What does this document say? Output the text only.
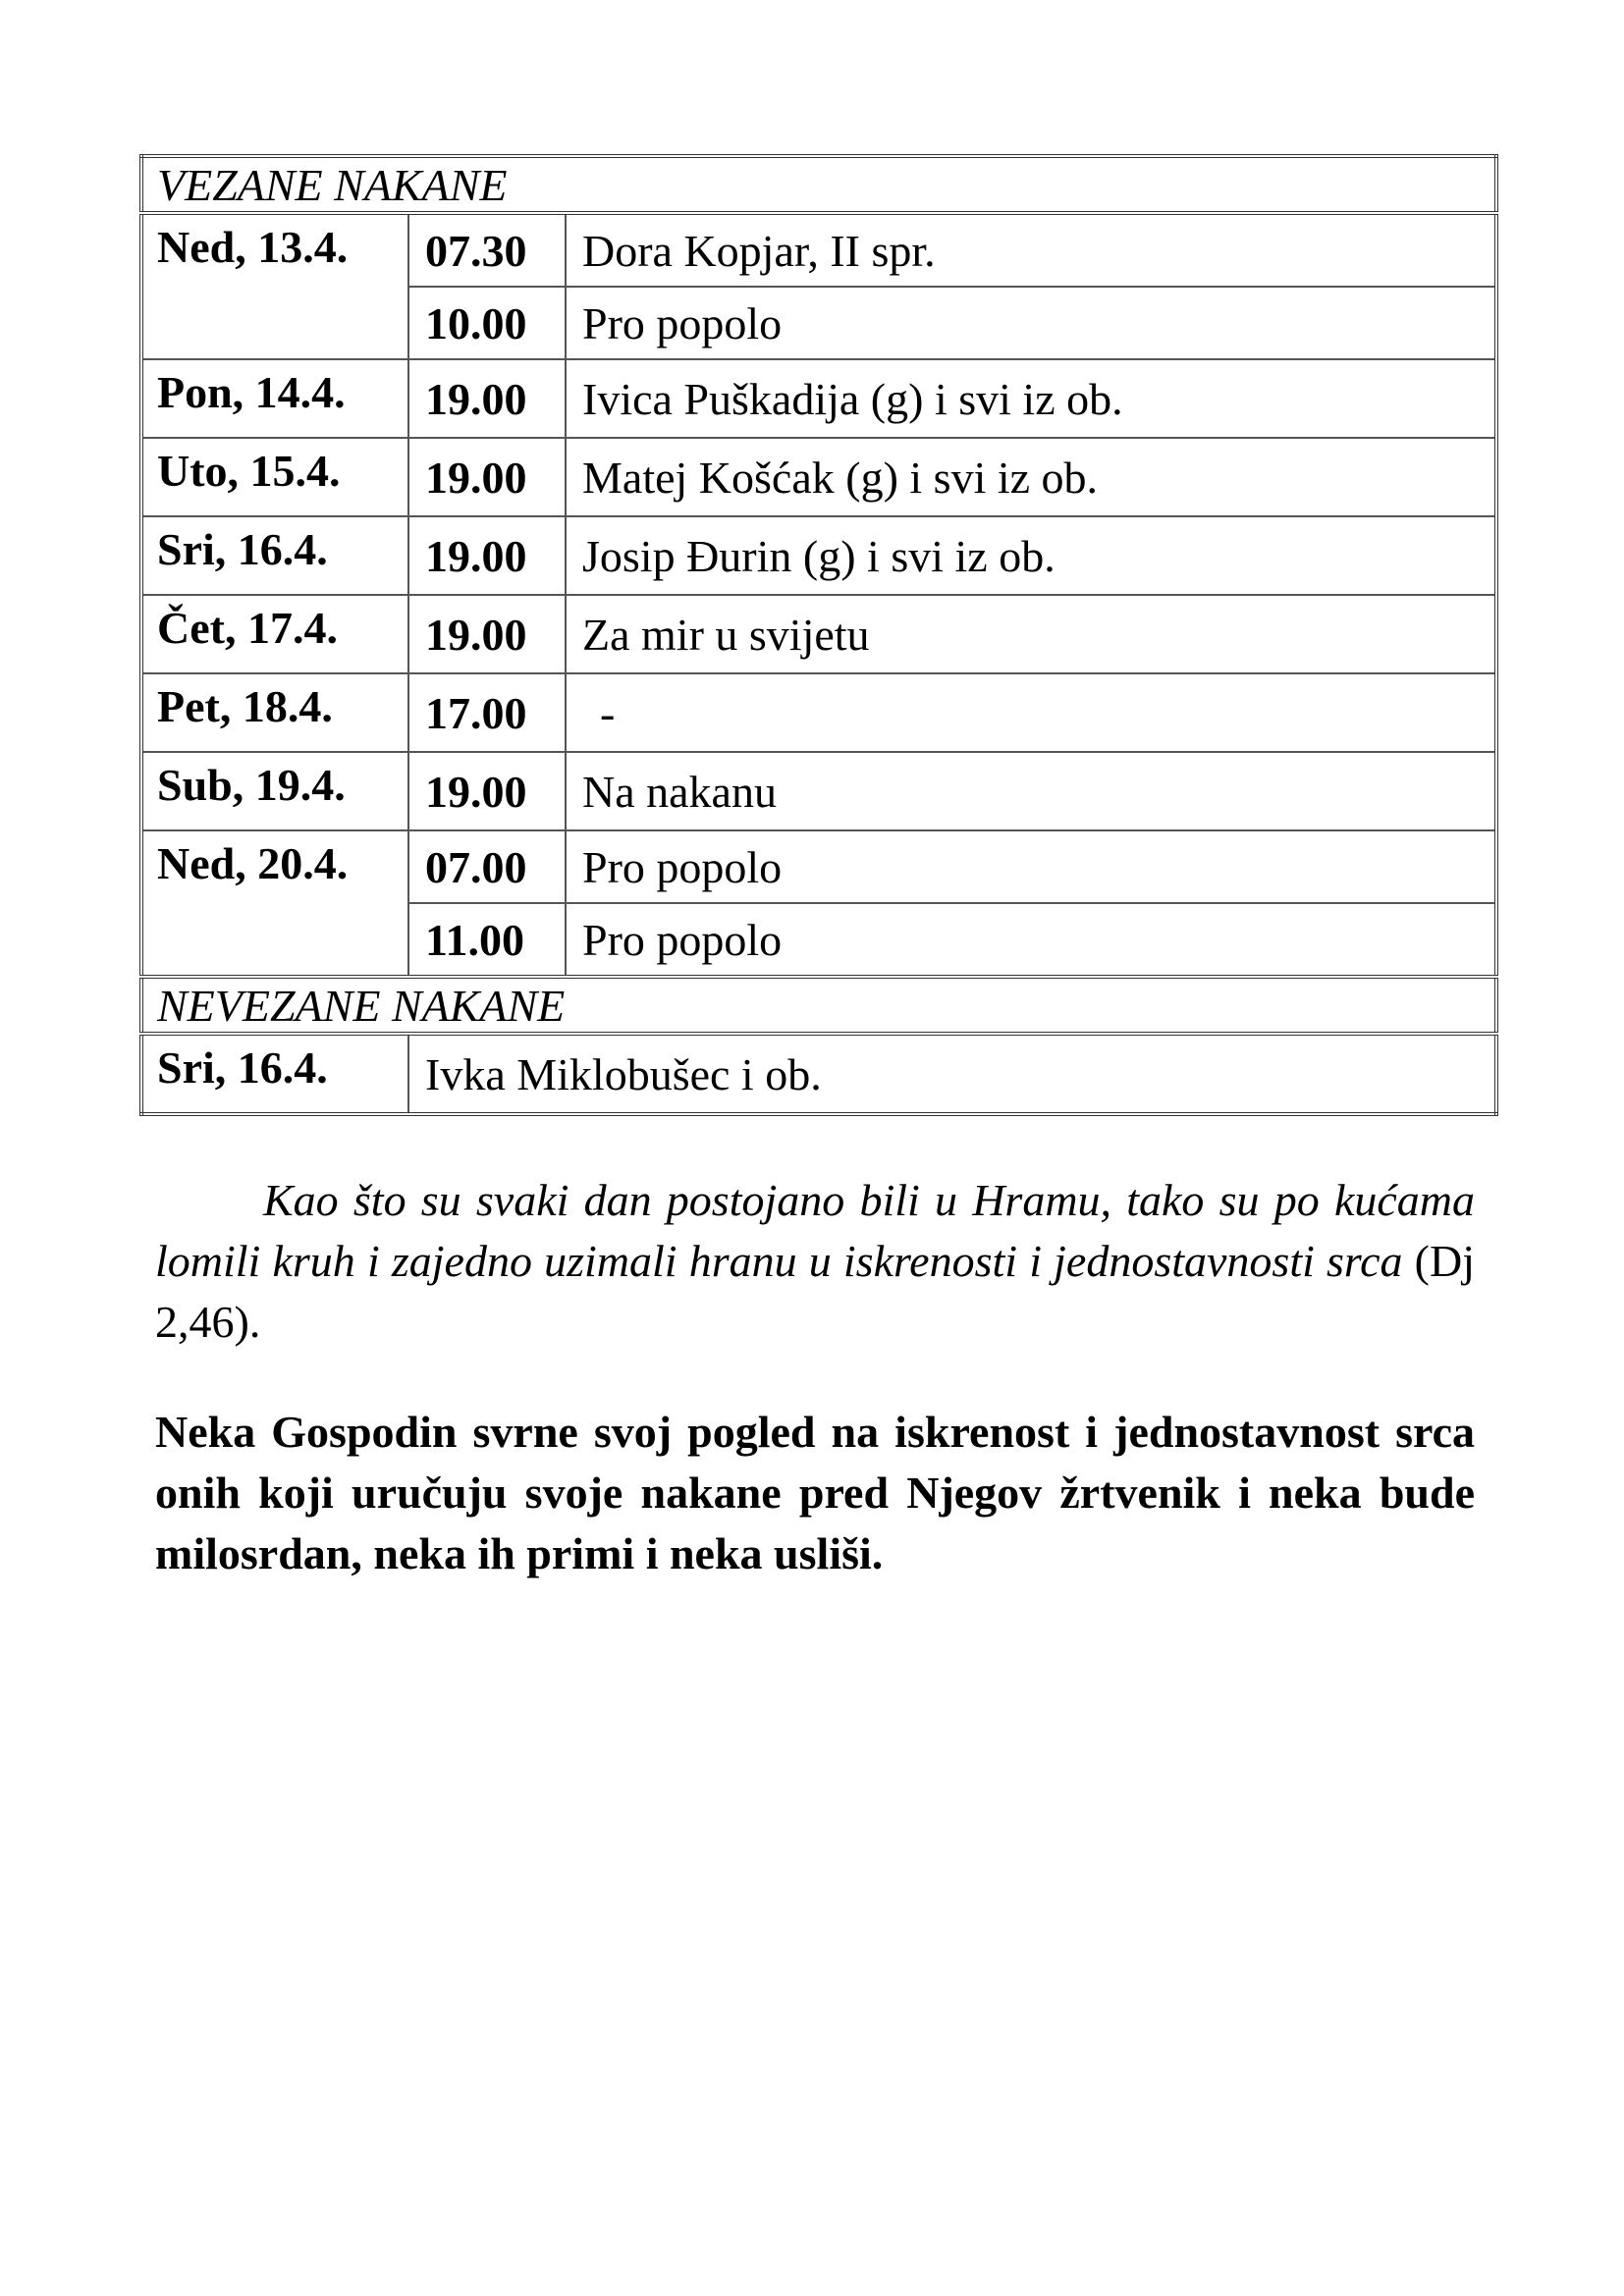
VEZANE NAKANE		
Ned, 13.4.	07.30	Dora Kopjar, II spr.
	10.00	Pro popolo
Pon, 14.4.	19.00	Ivica Puškadija (g) i svi iz ob.
Uto, 15.4.	19.00	Matej Košćak (g) i svi iz ob.
Sri, 16.4.	19.00	Josip Đurin (g) i svi iz ob.
Čet, 17.4.	19.00	Za mir u svijetu
Pet, 18.4.	17.00	-
Sub, 19.4.	19.00	Na nakanu
Ned, 20.4.	07.00	Pro popolo
	11.00	Pro popolo
NEVEZANE NAKANE		
Sri, 16.4.	Ivka Miklobušec i ob.	
Kao što su svaki dan postojano bili u Hramu, tako su po kućama lomili kruh i zajedno uzimali hranu u iskrenosti i jednostavnosti srca (Dj 2,46).
Neka Gospodin svrne svoj pogled na iskrenost i jednostavnost srca onih koji uručuju svoje nakane pred Njegov žrtvenik i neka bude milosrdan, neka ih primi i neka usliši.
